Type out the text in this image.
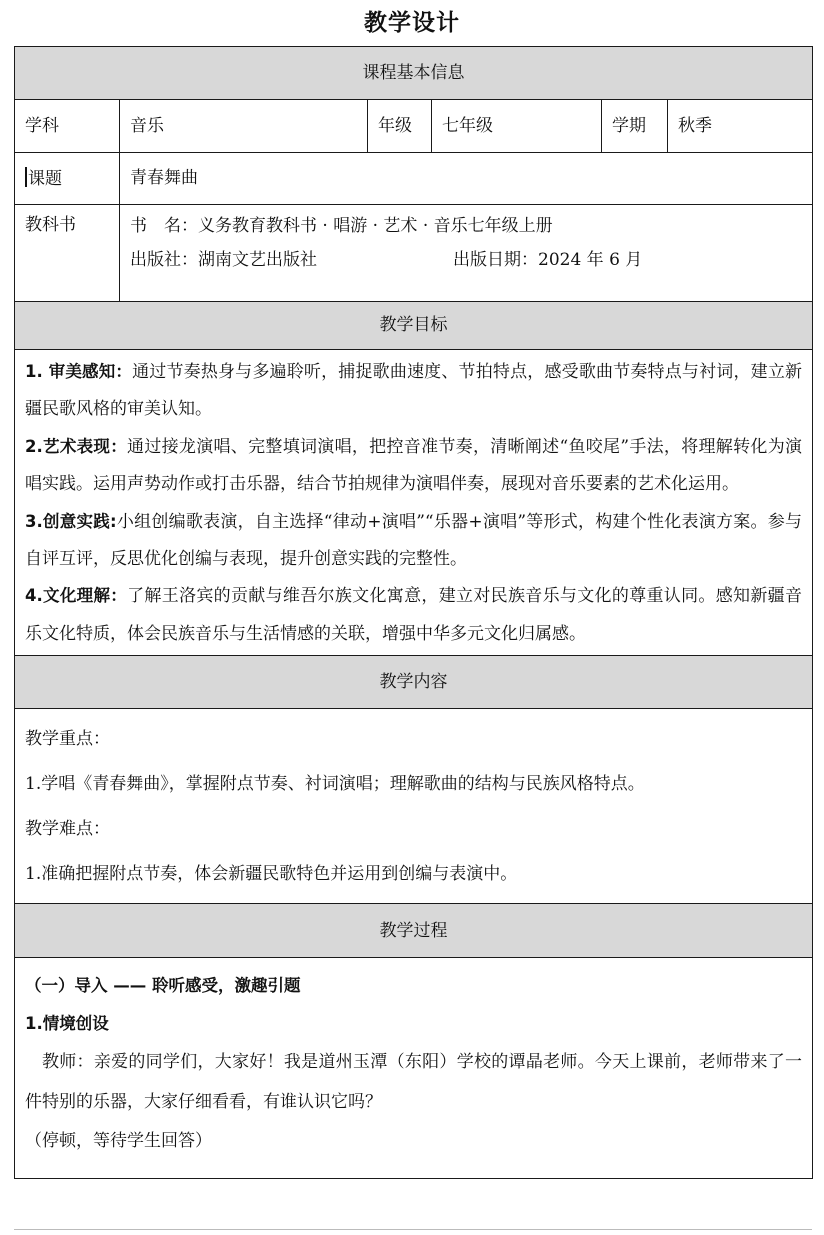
教学设计
课程基本信息					
学科	音乐	年级	七年级	学期	秋季
课题	青春舞曲				
教科书	书　名：义务教育教科书 · 唱游 · 艺术 · 音乐七年级上册
出版社：湖南文艺出版社 出版日期：2024 年 6 月				

教学目标					

1. 审美感知：通过节奏热身与多遍聆听，捕捉歌曲速度、节拍特点，感受歌曲节奏特点与衬词，建立新疆民歌风格的审美认知。
2.艺术表现：通过接龙演唱、完整填词演唱，把控音准节奏，清晰阐述“鱼咬尾”手法，将理解转化为演唱实践。运用声势动作或打击乐器，结合节拍规律为演唱伴奏，展现对音乐要素的艺术化运用。
3.创意实践:小组创编歌表演，自主选择“律动+演唱”“乐器+演唱”等形式，构建个性化表演方案。参与自评互评，反思优化创编与表现，提升创意实践的完整性。
4.文化理解：了解王洛宾的贡献与维吾尔族文化寓意，建立对民族音乐与文化的尊重认同。感知新疆音乐文化特质，体会民族音乐与生活情感的关联，增强中华多元文化归属感。					

教学内容					

教学重点：
1.学唱《青春舞曲》，掌握附点节奏、衬词演唱；理解歌曲的结构与民族风格特点。
教学难点：
1.准确把握附点节奏，体会新疆民歌特色并运用到创编与表演中。					

教学过程					

（一）导入 —— 聆听感受，激趣引题
1.情境创设
教师：亲爱的同学们，大家好！我是道州玉潭（东阳）学校的谭晶老师。今天上课前，老师带来了一件特别的乐器，大家仔细看看，有谁认识它吗？
（停顿，等待学生回答）					
